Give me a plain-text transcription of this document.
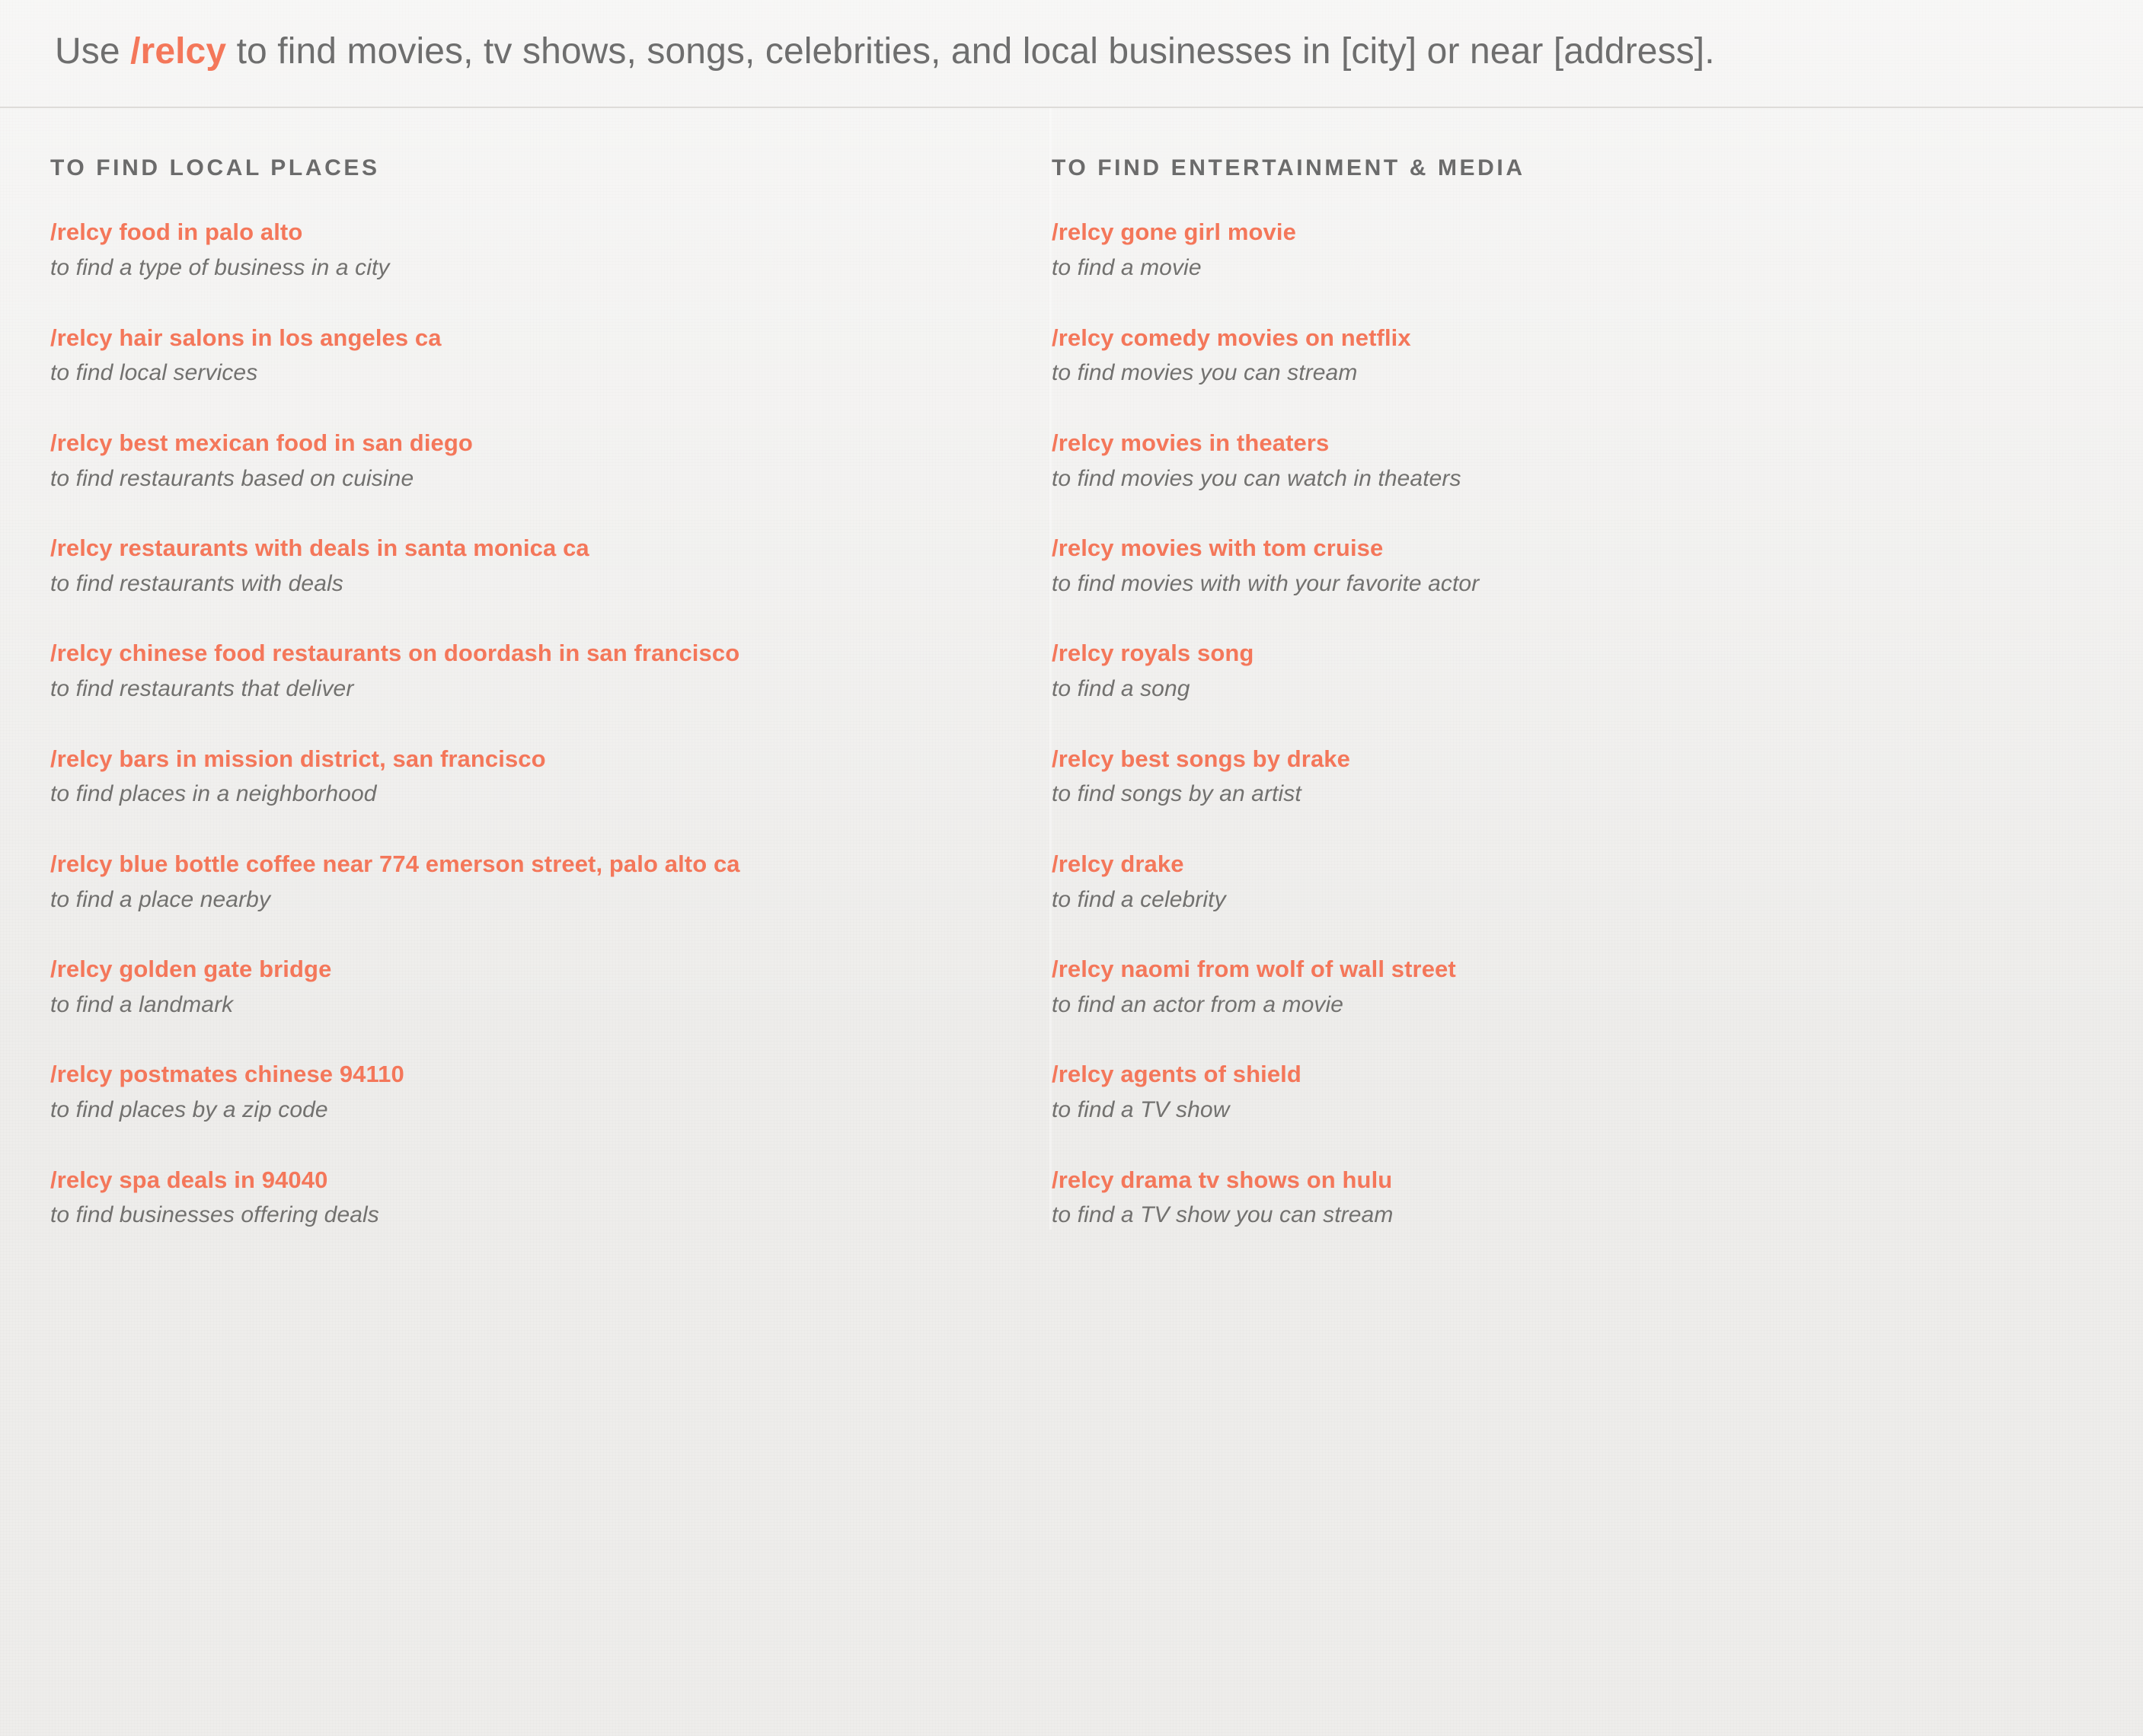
Use /relcy to find movies, tv shows, songs, celebrities, and local businesses in [city] or near [address].
TO FIND LOCAL PLACES
/relcy food in palo alto
to find a type of business in a city
/relcy hair salons in los angeles ca
to find local services
/relcy best mexican food in san diego
to find restaurants based on cuisine
/relcy restaurants with deals in santa monica ca
to find restaurants with deals
/relcy chinese food restaurants on doordash in san francisco
to find restaurants that deliver
/relcy bars in mission district, san francisco
to find places in a neighborhood
/relcy blue bottle coffee near 774 emerson street, palo alto ca
to find a place nearby
/relcy golden gate bridge
to find a landmark
/relcy postmates chinese 94110
to find places by a zip code
/relcy spa deals in 94040
to find businesses offering deals
TO FIND ENTERTAINMENT & MEDIA
/relcy gone girl movie
to find a movie
/relcy comedy movies on netflix
to find movies you can stream
/relcy movies in theaters
to find movies you can watch in theaters
/relcy movies with tom cruise
to find movies with with your favorite actor
/relcy royals song
to find a song
/relcy best songs by drake
to find songs by an artist
/relcy drake
to find a celebrity
/relcy naomi from wolf of wall street
to find an actor from a movie
/relcy agents of shield
to find a TV show
/relcy drama tv shows on hulu
to find a TV show you can stream
